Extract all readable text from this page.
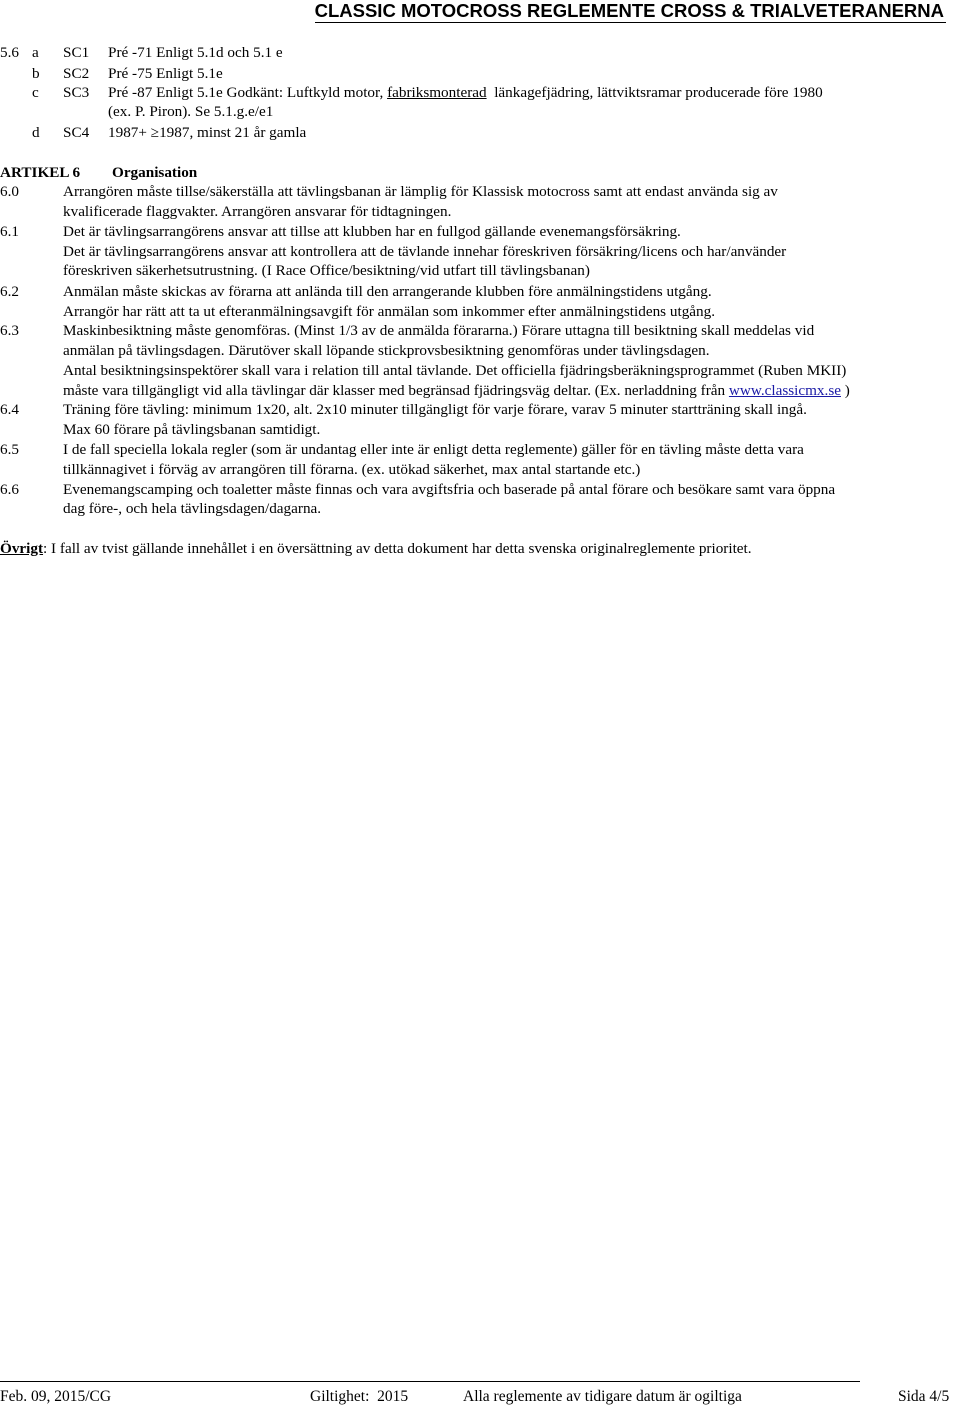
CLASSIC MOTOCROSS REGLEMENTE CROSS & TRIALVETERANERNA
5.6 a SC1 Pré -71 Enligt 5.1d och 5.1 e
b SC2 Pré -75 Enligt 5.1e
c SC3 Pré -87 Enligt 5.1e Godkänt: Luftkyld motor, fabriksmonterad  länkagefjädring, lättviktsramar producerade före 1980
(ex. P. Piron). Se 5.1.g.e/e1
d SC4 1987+ ≥1987, minst 21 år gamla
ARTIKEL 6 Organisation
6.0	Arrangören måste tillse/säkerställa att tävlingsbanan är lämplig för Klassisk motocross samt att endast använda sig av
kvalificerade flaggvakter. Arrangören ansvarar för tidtagningen.
6.1	Det är tävlingsarrangörens ansvar att tillse att klubben har en fullgod gällande evenemangsförsäkring.
Det är tävlingsarrangörens ansvar att kontrollera att de tävlande innehar föreskriven försäkring/licens och har/använder
föreskriven säkerhetsutrustning. (I Race Office/besiktning/vid utfart till tävlingsbanan)
6.2	Anmälan måste skickas av förarna att anlända till den arrangerande klubben före anmälningstidens utgång.
Arrangör har rätt att ta ut efteranmälningsavgift för anmälan som inkommer efter anmälningstidens utgång.
6.3	Maskinbesiktning måste genomföras. (Minst 1/3 av de anmälda förararna.) Förare uttagna till besiktning skall meddelas vid
anmälan på tävlingsdagen. Därutöver skall löpande stickprovsbesiktning genomföras under tävlingsdagen.
Antal besiktningsinspektörer skall vara i relation till antal tävlande. Det officiella fjädringsberäkningsprogrammet (Ruben MKII)
måste vara tillgängligt vid alla tävlingar där klasser med begränsad fjädringsväg deltar. (Ex. nerladdning från www.classicmx.se )
6.4	Träning före tävling: minimum 1x20, alt. 2x10 minuter tillgängligt för varje förare, varav 5 minuter startträning skall ingå.
Max 60 förare på tävlingsbanan samtidigt.
6.5	I de fall speciella lokala regler (som är undantag eller inte är enligt detta reglemente) gäller för en tävling måste detta vara
tillkännagivet i förväg av arrangören till förarna. (ex. utökad säkerhet, max antal startande etc.)
6.6	Evenemangscamping och toaletter måste finnas och vara avgiftsfria och baserade på antal förare och besökare samt vara öppna
dag före-, och hela tävlingsdagen/dagarna.
Övrigt: I fall av tvist gällande innehållet i en översättning av detta dokument har detta svenska originalreglemente prioritet.
Feb. 09, 2015/CG	Giltighet:  2015	Alla reglemente av tidigare datum är ogiltiga	Sida 4/5
